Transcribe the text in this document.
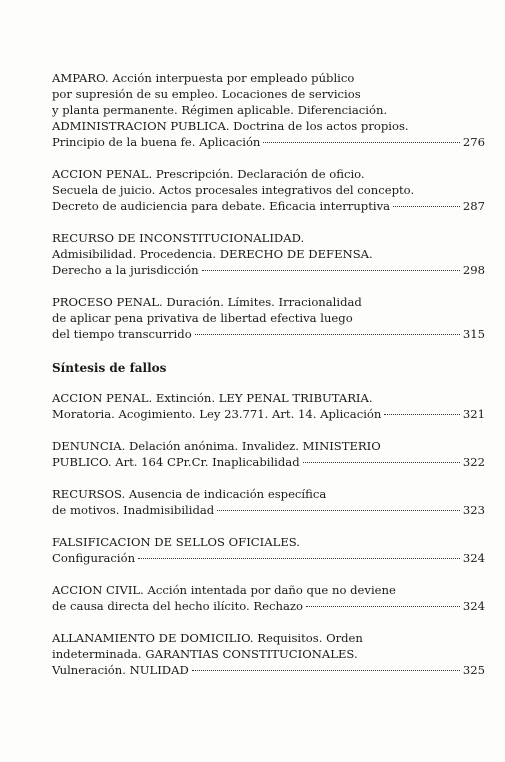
AMPARO. Acción interpuesta por empleado público
por supresión de su empleo. Locaciones de servicios
y planta permanente. Régimen aplicable. Diferenciación.
ADMINISTRACION PUBLICA. Doctrina de los actos propios.
Principio de la buena fe. Aplicación	276
ACCION PENAL. Prescripción. Declaración de oficio.
Secuela de juicio. Actos procesales integrativos del concepto.
Decreto de audiciencia para debate. Eficacia interruptiva	287
RECURSO DE INCONSTITUCIONALIDAD.
Admisibilidad. Procedencia. DERECHO DE DEFENSA.
Derecho a la jurisdicción	298
PROCESO PENAL. Duración. Límites. Irracionalidad
de aplicar pena privativa de libertad efectiva luego
del tiempo transcurrido	315
Síntesis de fallos
ACCION PENAL. Extinción. LEY PENAL TRIBUTARIA.
Moratoria. Acogimiento. Ley 23.771. Art. 14. Aplicación	321
DENUNCIA. Delación anónima. Invalidez. MINISTERIO
PUBLICO. Art. 164 CPr.Cr. Inaplicabilidad	322
RECURSOS. Ausencia de indicación específica
de motivos. Inadmisibilidad	323
FALSIFICACION DE SELLOS OFICIALES.
Configuración	324
ACCION CIVIL. Acción intentada por daño que no deviene
de causa directa del hecho ilícito. Rechazo	324
ALLANAMIENTO DE DOMICILIO. Requisitos. Orden
indeterminada. GARANTIAS CONSTITUCIONALES.
Vulneración. NULIDAD	325
